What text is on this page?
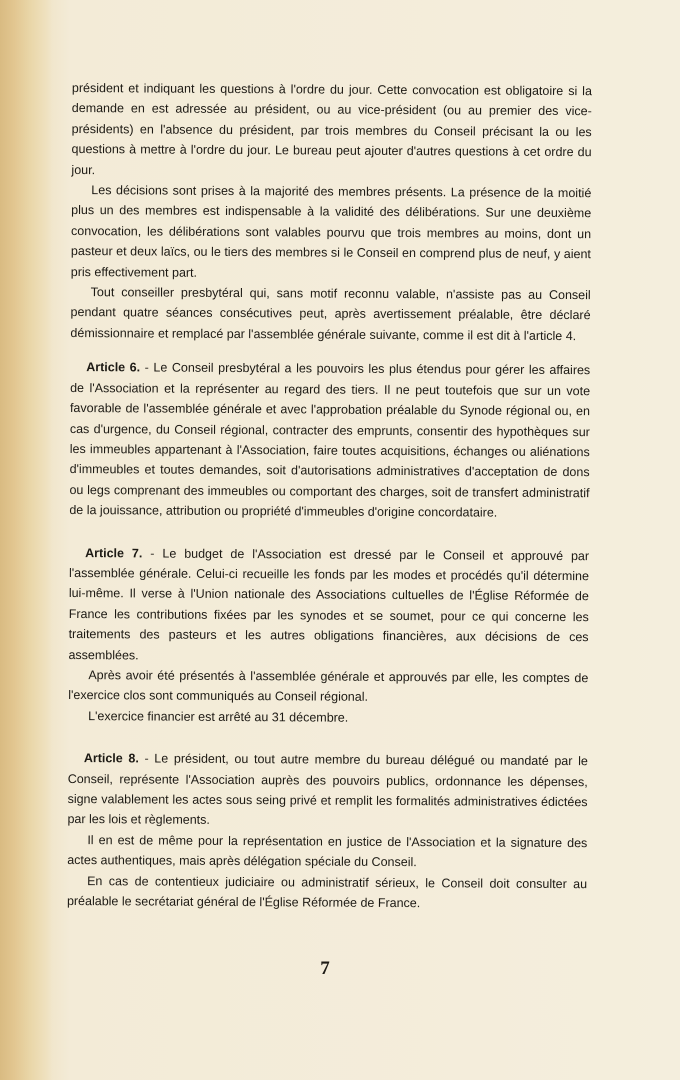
président et indiquant les questions à l'ordre du jour. Cette convocation est obligatoire si la demande en est adressée au président, ou au vice-président (ou au premier des vice-présidents) en l'absence du président, par trois membres du Conseil précisant la ou les questions à mettre à l'ordre du jour. Le bureau peut ajouter d'autres questions à cet ordre du jour.

Les décisions sont prises à la majorité des membres présents. La présence de la moitié plus un des membres est indispensable à la validité des délibérations. Sur une deuxième convocation, les délibérations sont valables pourvu que trois membres au moins, dont un pasteur et deux laïcs, ou le tiers des membres si le Conseil en comprend plus de neuf, y aient pris effectivement part.

Tout conseiller presbytéral qui, sans motif reconnu valable, n'assiste pas au Conseil pendant quatre séances consécutives peut, après avertissement préalable, être déclaré démissionnaire et remplacé par l'assemblée générale suivante, comme il est dit à l'article 4.

Article 6. - Le Conseil presbytéral a les pouvoirs les plus étendus pour gérer les affaires de l'Association et la représenter au regard des tiers. Il ne peut toutefois que sur un vote favorable de l'assemblée générale et avec l'approbation préalable du Synode régional ou, en cas d'urgence, du Conseil régional, contracter des emprunts, consentir des hypothèques sur les immeubles appartenant à l'Association, faire toutes acquisitions, échanges ou aliénations d'immeubles et toutes demandes, soit d'autorisations administratives d'acceptation de dons ou legs comprenant des immeubles ou comportant des charges, soit de transfert administratif de la jouissance, attribution ou propriété d'immeubles d'origine concordataire.

Article 7. - Le budget de l'Association est dressé par le Conseil et approuvé par l'assemblée générale. Celui-ci recueille les fonds par les modes et procédés qu'il détermine lui-même. Il verse à l'Union nationale des Associations cultuelles de l'Église Réformée de France les contributions fixées par les synodes et se soumet, pour ce qui concerne les traitements des pasteurs et les autres obligations financières, aux décisions de ces assemblées.

Après avoir été présentés à l'assemblée générale et approuvés par elle, les comptes de l'exercice clos sont communiqués au Conseil régional.

L'exercice financier est arrêté au 31 décembre.

Article 8. - Le président, ou tout autre membre du bureau délégué ou mandaté par le Conseil, représente l'Association auprès des pouvoirs publics, ordonnance les dépenses, signe valablement les actes sous seing privé et remplit les formalités administratives édictées par les lois et règlements.

Il en est de même pour la représentation en justice de l'Association et la signature des actes authentiques, mais après délégation spéciale du Conseil.

En cas de contentieux judiciaire ou administratif sérieux, le Conseil doit consulter au préalable le secrétariat général de l'Église Réformée de France.

7
